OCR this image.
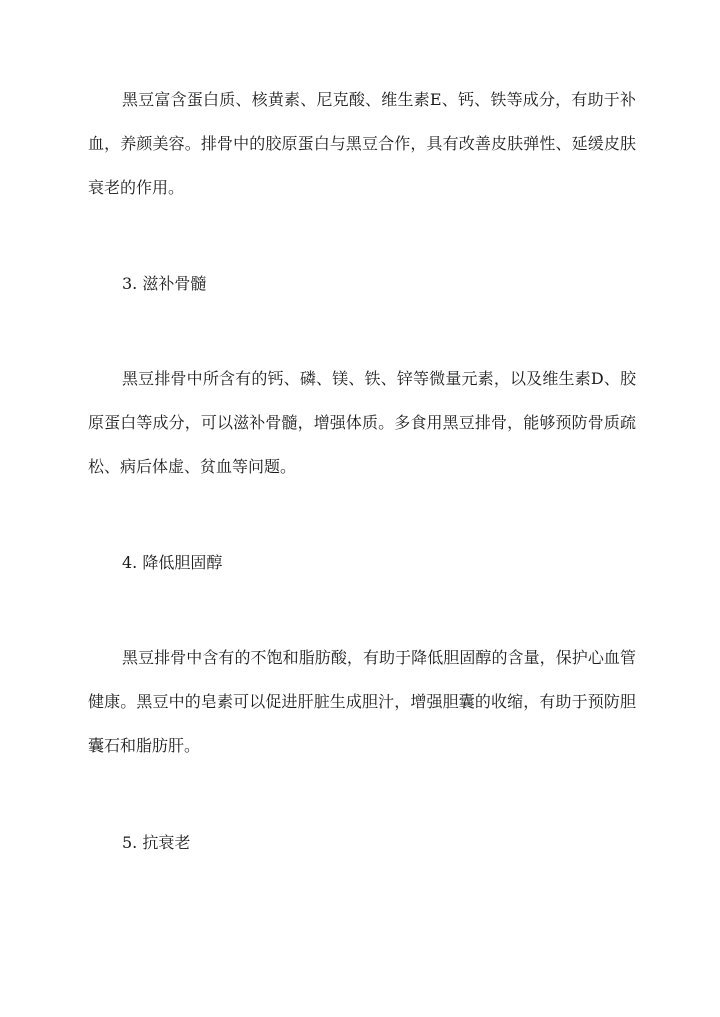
黑豆富含蛋白质、核黄素、尼克酸、维生素E、钙、铁等成分，有助于补血，养颜美容。排骨中的胶原蛋白与黑豆合作，具有改善皮肤弹性、延缓皮肤衰老的作用。

3. 滋补骨髓

黑豆排骨中所含有的钙、磷、镁、铁、锌等微量元素，以及维生素D、胶原蛋白等成分，可以滋补骨髓，增强体质。多食用黑豆排骨，能够预防骨质疏松、病后体虚、贫血等问题。

4. 降低胆固醇

黑豆排骨中含有的不饱和脂肪酸，有助于降低胆固醇的含量，保护心血管健康。黑豆中的皂素可以促进肝脏生成胆汁，增强胆囊的收缩，有助于预防胆囊石和脂肪肝。

5. 抗衰老
